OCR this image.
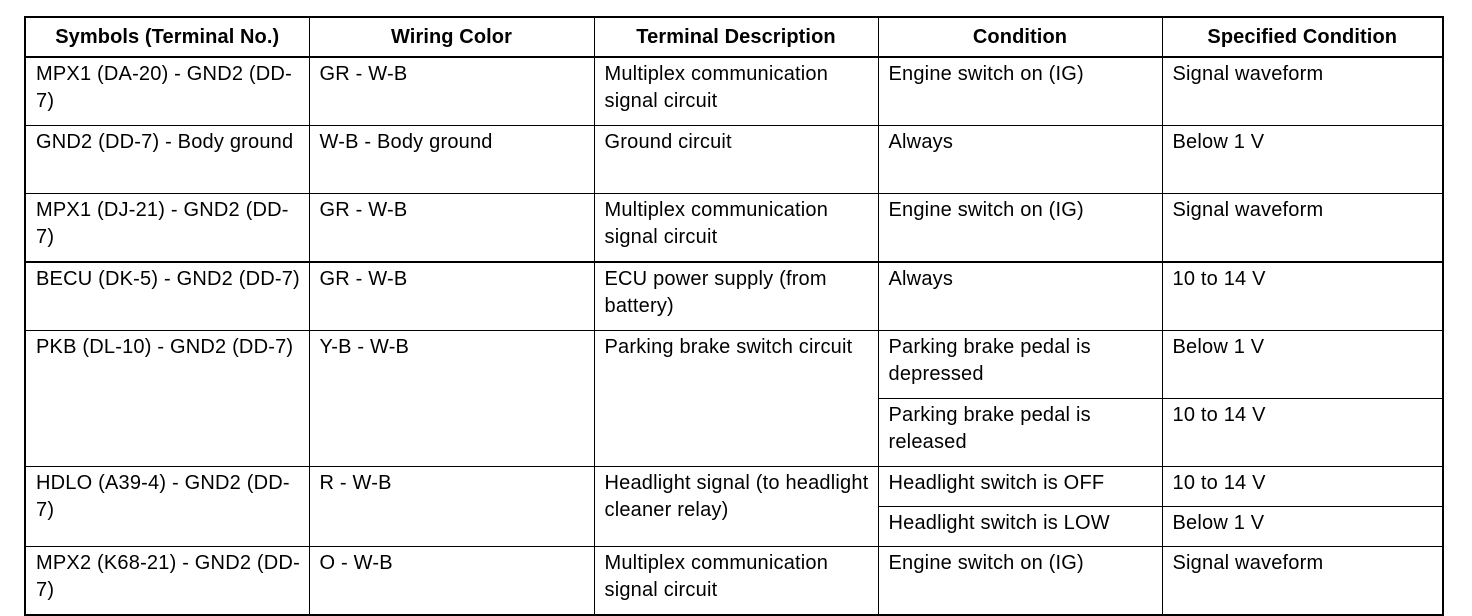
Symbols (Terminal No.)	Wiring Color	Terminal Description	Condition	Specified Condition
MPX1 (DA-20) - GND2 (DD-7)	GR - W-B	Multiplex communication signal circuit	Engine switch on (IG)	Signal waveform
GND2 (DD-7) - Body ground	W-B - Body ground	Ground circuit	Always	Below 1 V
MPX1 (DJ-21) - GND2 (DD-7)	GR - W-B	Multiplex communication signal circuit	Engine switch on (IG)	Signal waveform
BECU (DK-5) - GND2 (DD-7)	GR - W-B	ECU power supply (from battery)	Always	10 to 14 V
PKB (DL-10) - GND2 (DD-7)	Y-B - W-B	Parking brake switch circuit	Parking brake pedal is depressed	Below 1 V
			Parking brake pedal is released	10 to 14 V
HDLO (A39-4) - GND2 (DD-7)	R - W-B	Headlight signal (to headlight cleaner relay)	Headlight switch is OFF	10 to 14 V
			Headlight switch is LOW	Below 1 V
MPX2 (K68-21) - GND2 (DD-7)	O - W-B	Multiplex communication signal circuit	Engine switch on (IG)	Signal waveform
